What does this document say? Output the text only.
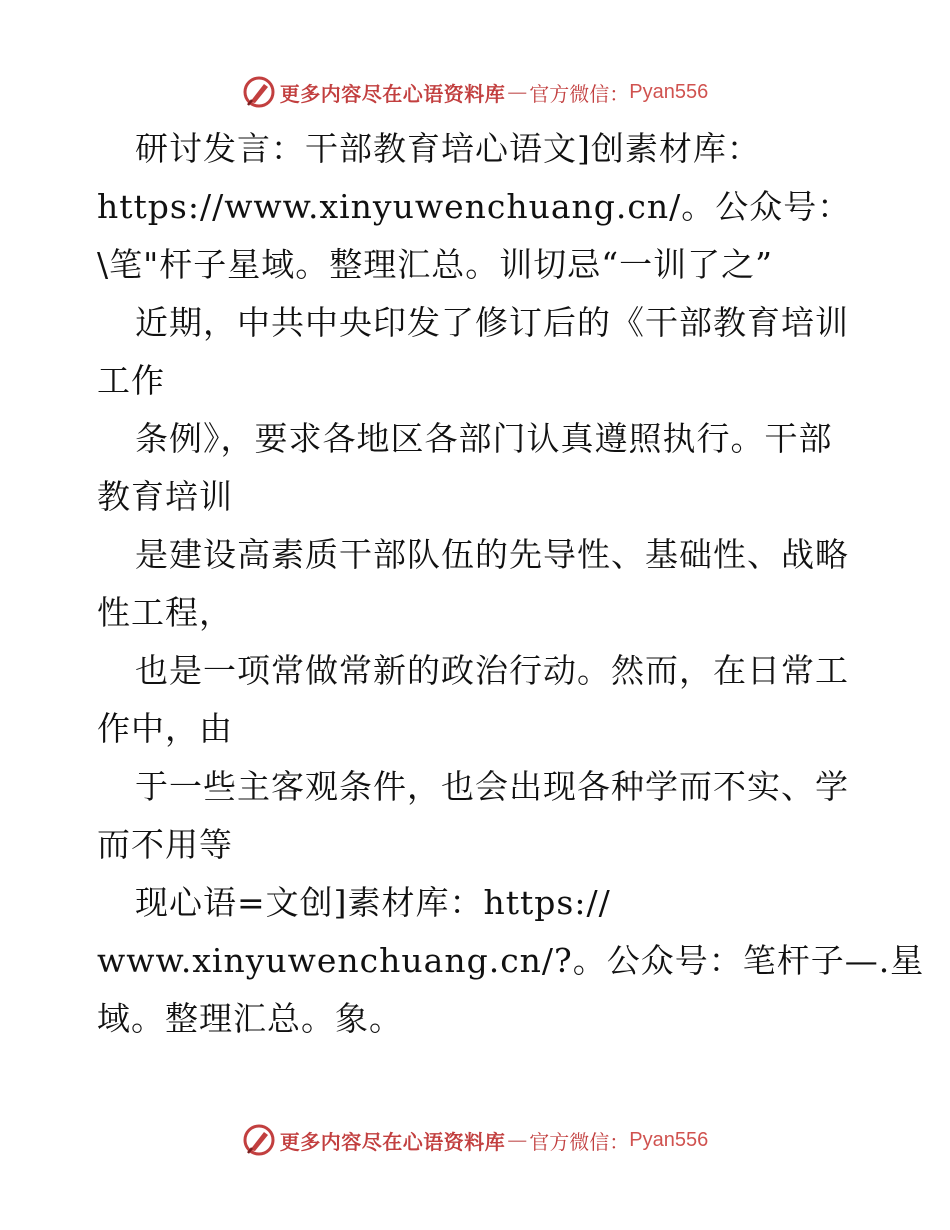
更多内容尽在心语资料库 — 官方微信： Pyan556
研讨发言：干部教育培心语文]创素材库：
https://www.xinyuwenchuang.cn/。公众号：
\笔"杆子星域。整理汇总。训切忌“一训了之”
近期，中共中央印发了修订后的《干部教育培训
工作
条例》，要求各地区各部门认真遵照执行。干部
教育培训
是建设高素质干部队伍的先导性、基础性、战略
性工程，
也是一项常做常新的政治行动。然而，在日常工
作中，由
于一些主客观条件，也会出现各种学而不实、学
而不用等
现心语=文创]素材库：https://
www.xinyuwenchuang.cn/?。公众号：笔杆子—.星
域。整理汇总。象。
更多内容尽在心语资料库 — 官方微信： Pyan556
